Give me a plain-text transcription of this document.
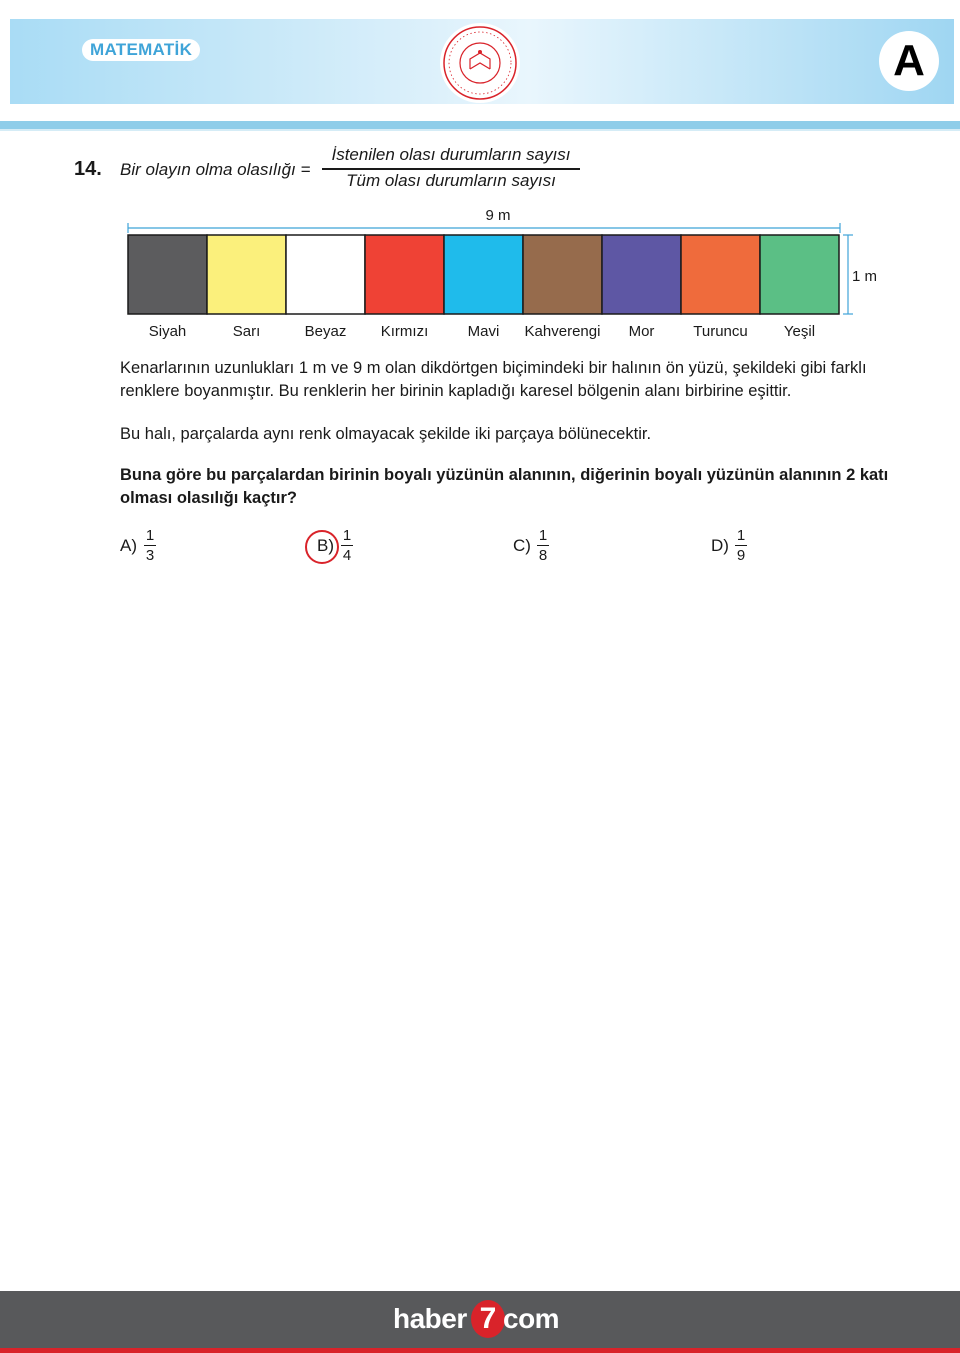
MATEMATİK	A
14. Bir olayın olma olasılığı =
İstenilen olası durumların sayısı
Tüm olası durumların sayısı
9 m
1 m
Siyah	Sarı	Beyaz Kırmızı	Mavi Kahverengi Mor	Turuncu Yeşil
Kenarlarının uzunlukları 1 m ve 9 m olan dikdörtgen biçimindeki bir halının ön yüzü, şekildeki gibi farklı renklere boyanmıştır. Bu renklerin her birinin kapladığı karesel bölgenin alanı birbirine eşittir.
Bu halı, parçalarda aynı renk olmayacak şekilde iki parçaya bölünecektir.
Buna göre bu parçalardan birinin boyalı yüzünün alanının, diğerinin boyalı yüzünün alanının 2 katı olması olasılığı kaçtır?
A)
1
3
B)
1
4
C)
1
8
D)
1
9
haber 7 com
